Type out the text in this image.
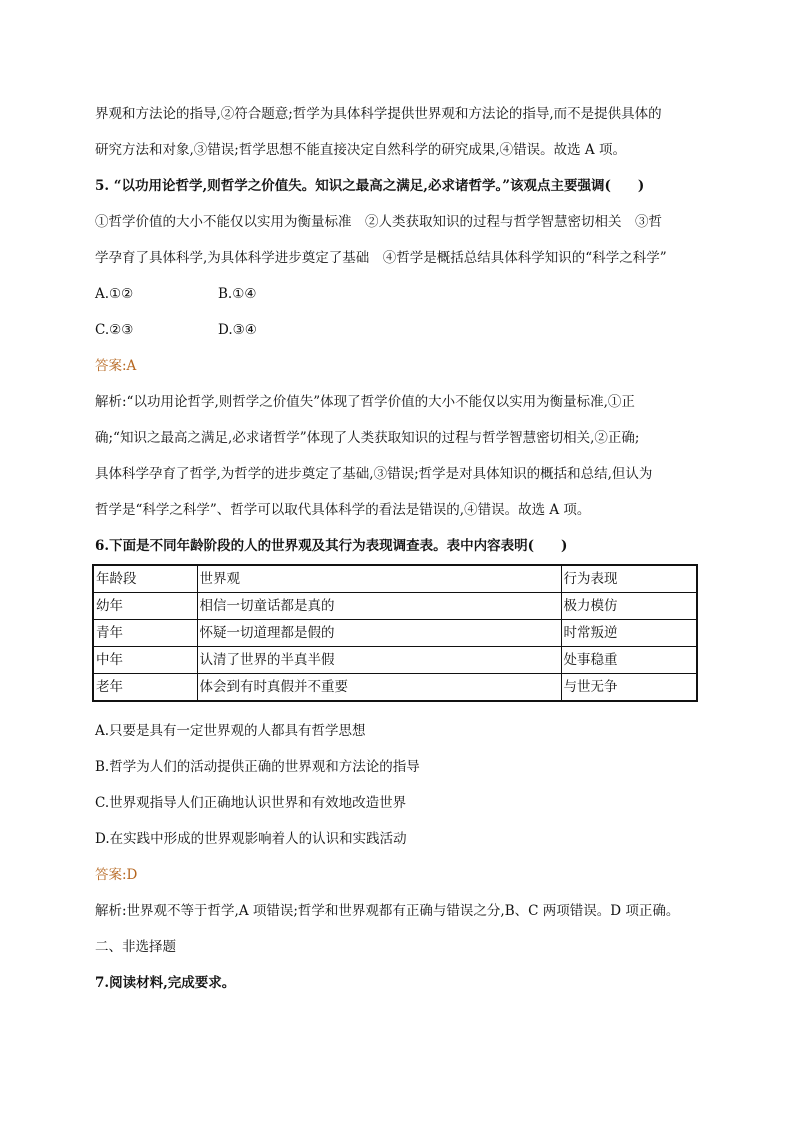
界观和方法论的指导,②符合题意;哲学为具体科学提供世界观和方法论的指导,而不是提供具体的
研究方法和对象,③错误;哲学思想不能直接决定自然科学的研究成果,④错误。故选 A 项。
5. “以功用论哲学,则哲学之价值失。知识之最高之满足,必求诸哲学。”该观点主要强调(　　)
①哲学价值的大小不能仅以实用为衡量标准　②人类获取知识的过程与哲学智慧密切相关　③哲
学孕育了具体科学,为具体科学进步奠定了基础　④哲学是概括总结具体科学知识的“科学之科学”
A.①②	B.①④
C.②③	D.③④
答案:A
解析:“以功用论哲学,则哲学之价值失”体现了哲学价值的大小不能仅以实用为衡量标准,①正
确;“知识之最高之满足,必求诸哲学”体现了人类获取知识的过程与哲学智慧密切相关,②正确;
具体科学孕育了哲学,为哲学的进步奠定了基础,③错误;哲学是对具体知识的概括和总结,但认为
哲学是“科学之科学”、哲学可以取代具体科学的看法是错误的,④错误。故选 A 项。
6.下面是不同年龄阶段的人的世界观及其行为表现调查表。表中内容表明(　　)
年龄段	世界观	行为表现
幼年	相信一切童话都是真的	极力模仿
青年	怀疑一切道理都是假的	时常叛逆
中年	认清了世界的半真半假	处事稳重
老年	体会到有时真假并不重要	与世无争
A.只要是具有一定世界观的人都具有哲学思想
B.哲学为人们的活动提供正确的世界观和方法论的指导
C.世界观指导人们正确地认识世界和有效地改造世界
D.在实践中形成的世界观影响着人的认识和实践活动
答案:D
解析:世界观不等于哲学,A 项错误;哲学和世界观都有正确与错误之分,B、C 两项错误。D 项正确。
二、非选择题
7.阅读材料,完成要求。
